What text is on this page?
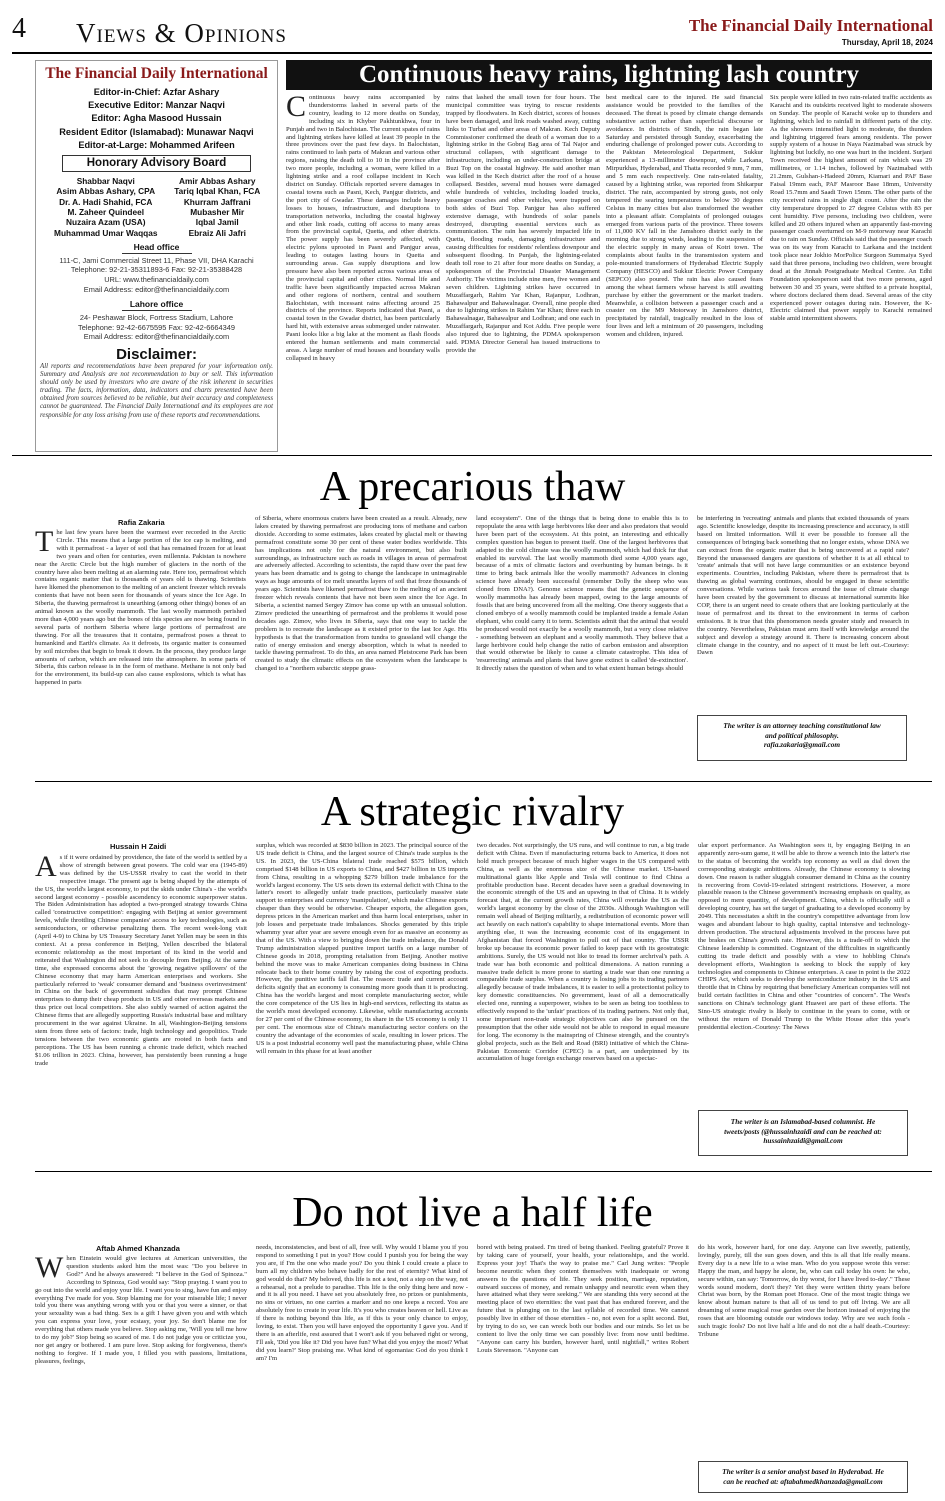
4 Views & Opinions	The Financial Daily International
Thursday, April 18, 2024
The Financial Daily International
Editor-in-Chief: Azfar Ashary
Executive Editor: Manzar Naqvi
Editor: Agha Masood Hussain
Resident Editor (Islamabad): Munawar Naqvi
Editor-at-Large: Mohammed Arifeen
Honorary Advisory Board
Shabbar Naqvi
Asim Abbas Ashary, CPA
Dr. A. Hadi Shahid, FCA
M. Zaheer Quindeel
Nuzaira Azam (USA)
Muhammad Umar Waqqas
Amir Abbas Ashary
Tariq Iqbal Khan, FCA
Khurram Jaffrani
Mubasher Mir
Iqbal Jamil
Ebraiz Ali Jafri
Head office
111-C, Jami Commercial Street 11, Phase VII, DHA Karachi
Telephone: 92-21-35311893-6 Fax: 92-21-35388428
URL: www.thefinancialdaily.com
Email Address: editor@thefinancialdaily.com
Lahore office
24- Peshawar Block, Fortress Stadium, Lahore
Telephone: 92-42-6675595 Fax: 92-42-6664349
Email Address: editor@thefinancialdaily.com
Disclaimer:
All reports and recommendations have been prepared for your information only. Summary and Analysis are not recommendation to buy or sell. This information should only be used by investors who are aware of the risk inherent in securities trading. The facts, information, data, indicators and charts presented have been obtained from sources believed to be reliable, but their accuracy and completeness cannot be guaranteed. The Financial Daily International and its employees are not responsible for any loss arising from use of these reports and recommendations.
Continuous heavy rains, lightning lash country
Continuous heavy rains accompanied by thunderstorms lashed in several parts of the country, leading to 12 more deaths on Sunday, including six in Khyber Pakhtunkhwa, four in Punjab and two in Balochistan. The current spates of rains and lightning strikes have killed at least 39 people in the three provinces over the past few days. In Balochistan, rains continued to lash parts of Makran and various other regions, raising the death toll to 10 in the province after two more people, including a woman, were killed in a lightning strike and a roof collapse incident in Kech district on Sunday. Officials reported severe damages in coastal towns such as Pasni, Kech, Panjgur districts, and the port city of Gwadar. These damages include heavy losses to houses, infrastructure, and disruptions to transportation networks, including the coastal highway and other link roads, cutting off access to many areas from the provincial capital, Quetta, and other districts. The power supply has been severely affected, with electric pylons uprooted in Pasni and Panjgur areas, leading to outages lasting hours in Quetta and surrounding areas. Gas supply disruptions and low pressure have also been reported across various areas of the provincial capital and other cities. Normal life and traffic have been significantly impacted across Makran and other regions of northern, central and southern Balochistan, with incessant rains affecting around 25 districts of the province. Reports indicated that Pasni, a coastal town in the Gwadar district, has been particularly hard hit, with extensive areas submerged under rainwater. Pasni looks like a big lake at the moment as flash floods entered the human settlements and main commercial areas. A large number of mud houses and boundary walls collapsed in heavy
rains that lashed the small town for four hours. The municipal committee was trying to rescue residents trapped by floodwaters. In Kech district, scores of houses have been damaged, and link roads washed away, cutting links to Turbat and other areas of Makran. Kech Deputy Commissioner confirmed the death of a woman due to a lightning strike in the Gobraj Bag area of Tal Najor and structural collapses, with significant damage to infrastructure, including an under-construction bridge at Buzi Top on the coastal highway. He said another man was killed in the Kech district after the roof of a house collapsed. Besides, several mud houses were damaged while hundreds of vehicles, including loaded trucks, passenger coaches and other vehicles, were trapped on both sides of Buzi Top. Panjgur has also suffered extensive damage, with hundreds of solar panels destroyed, disrupting essential services such as communication. The rain has severely impacted life in Quetta, flooding roads, damaging infrastructure and causing difficulties for residents' relentless downpour and subsequent flooding. In Punjab, the lightning-related death toll rose to 21 after four more deaths on Sunday, a spokesperson of the Provincial Disaster Management Authority. The victims include nine men, five women and seven children. Lightning strikes have occurred in Muzaffargarh, Rahim Yar Khan, Rajanpur, Lodhran, Bahawalpur and Bahawalnagar. Overall, nine people died due to lightning strikes in Rahim Yar Khan; three each in Bahawalnagar, Bahawalpur and Lodhran; and one each in Muzaffargarh, Rajanpur and Kot Addu. Five people were also injured due to lightning, the PDMA spokesperson said. PDMA Director General has issued instructions to provide the
best medical care to the injured. He said financial assistance would be provided to the families of the deceased. The threat is posed by climate change demands substantive action rather than superficial discourse or avoidance. In districts of Sindh, the rain began late Saturday and persisted through Sunday, exacerbating the enduring challenge of prolonged power cuts. According to the Pakistan Meteorological Department, Sukkur experienced a 13-millimeter downpour, while Larkana, Mirpurkhas, Hyderabad, and Thatta recorded 9 mm, 7 mm, and 5 mm each respectively. One rain-related fatality, caused by a lightning strike, was reported from Shikarpur district. The rain, accompanied by strong gusts, not only tempered the searing temperatures to below 30 degrees Celsius in many cities but also transformed the weather into a pleasant affair. Complaints of prolonged outages emerged from various parts of the province. Three towers of 11,000 KV fall in the Jamshoro district early in the morning due to strong winds, leading to the suspension of the electric supply in many areas of Kotri town. The complaints about faults in the transmission system and pole-mounted transformers of Hyderabad Electric Supply Company (HESCO) and Sukkur Electric Power Company (SEPCO) also poured. The rain has also caused fears among the wheat farmers whose harvest is still awaiting purchase by either the government or the market traders. Meanwhile, a collision between a passenger coach and a coaster on the M9 Motorway in Jamshoro district, precipitated by rainfall, tragically resulted in the loss of four lives and left a minimum of 20 passengers, including women and children, injured.
Six people were killed in two rain-related traffic accidents as Karachi and its outskirts received light to moderate showers on Sunday. The people of Karachi woke up to thunders and lightning, which led to rainfall in different parts of the city. As the showers intensified light to moderate, the thunders and lightning triggered fears among residents. The power supply system of a house in Naya Nazimabad was struck by lightning but luckily, no one was hurt in the incident. Surjani Town received the highest amount of rain which was 29 millimetres, or 1.14 inches, followed by Nazimabad with 21.2mm, Gulshan-i-Hadeed 20mm, Kiamari and PAF Base Faisal 19mm each, PAF Masroor Base 18mm, University Road 15.7mm and Saadi Town 15mm. The other parts of the city received rains in single digit count. After the rain the city temperature dropped to 27 degree Celsius with 83 per cent humidity. Five persons, including two children, were killed and 20 others injured when an apparently fast-moving passenger coach overturned on M-9 motorway near Karachi due to rain on Sunday. Officials said that the passenger coach was on its way from Karachi to Larkana and the incident took place near Jokhio MorPolice Surgeon Summaiya Syed said that three persons, including two children, were brought dead at the Jinnah Postgraduate Medical Centre. An Edhi Foundation spokesperson said that two more persons, aged between 30 and 35 years, were shifted to a private hospital, where doctors declared them dead. Several areas of the city experienced power outages during rain. However, the K-Electric claimed that power supply to Karachi remained stable amid intermittent showers.
A precarious thaw
Rafia Zakaria
The last few years have been the warmest ever recorded in the Arctic Circle. This means that a large portion of the ice cap is melting, and with it permafrost - a layer of soil that has remained frozen for at least two years and often for centuries, even millennia. Pakistan is nowhere near the Arctic Circle but the high number of glaciers in the north of the country have also been melting at an alarming rate. Here too, permafrost which contains organic matter that is thousands of years old is thawing. Scientists have likened the phenomenon to the melting of an ancient freezer which reveals contents that have not been seen for thousands of years since the Ice Age. In Siberia, the thawing permafrost is unearthing (among other things) bones of an animal known as the woolly mammoth. The last woolly mammoth perished more than 4,000 years ago but the bones of this species are now being found in several parts of northern Siberia where large portions of permafrost are thawing. For all the treasures that it contains, permafrost poses a threat to humankind and Earth's climate. As it defrosts, its organic matter is consumed by soil microbes that begin to break it down. In the process, they produce large amounts of carbon, which are released into the atmosphere. In some parts of Siberia, this carbon release is in the form of methane. Methane is not only bad for the environment, its build-up can also cause explosions, which is what has happened in parts
of Siberia, where enormous craters have been created as a result. Already, new lakes created by thawing permafrost are producing tons of methane and carbon dioxide. According to some estimates, lakes created by glacial melt or thawing permafrost constitute some 30 per cent of these water bodies worldwide. This has implications not only for the natural environment, but also built surroundings, as infrastructure such as roads in villages in areas of permafrost are adversely affected. According to scientists, the rapid thaw over the past few years has been dramatic and is going to change the landscape in unimaginable ways as huge amounts of ice melt unearths layers of soil that froze thousands of years ago. Scientists have likened permafrost thaw to the melting of an ancient freezer which reveals contents that have not been seen since the Ice Age. In Siberia, a scientist named Sergey Zimov has come up with an unusual solution. Zimov predicted the unearthing of permafrost and the problems it would pose decades ago. Zimov, who lives in Siberia, says that one way to tackle the problem is to recreate the landscape as it existed prior to the last Ice Age. His hypothesis is that the transformation from tundra to grassland will change the ratio of energy emission and energy absorption, which is what is needed to tackle thawing permafrost. To do this, an area named Pleistocene Park has been created to study the climatic effects on the ecosystem when the landscape is changed to a "northern subarctic steppe grass-
land ecosystem". One of the things that is being done to enable this is to repopulate the area with large herbivores like deer and also predators that would have been part of the ecosystem. At this point, an interesting and ethically complex question has begun to present itself. One of the largest herbivores that adapted to the cold climate was the woolly mammoth, which had thick fur that enabled its survival. The last woolly mammoth died some 4,000 years ago, because of a mix of climatic factors and overhunting by human beings. Is it time to bring back animals like the woolly mammoth? Advances in cloning science have already been successful (remember Dolly the sheep who was cloned from DNA?). Genome science means that the genetic sequence of woolly mammoths has already been mapped, owing to the large amounts of fossils that are being uncovered from all the melting. One theory suggests that a cloned embryo of a woolly mammoth could be implanted inside a female Asian elephant, who could carry it to term. Scientists admit that the animal that would be produced would not exactly be a woolly mammoth, but a very close relative - something between an elephant and a woolly mammoth. They believe that a large herbivore could help change the ratio of carbon emission and absorption that would otherwise be likely to cause a climate catastrophe. This idea of 'resurrecting' animals and plants that have gone extinct is called 'de-extinction'. It directly raises the question of when and to what extent human beings should
be interfering in 'recreating' animals and plants that existed thousands of years ago. Scientific knowledge, despite its increasing prescience and accuracy, is still based on limited information. Will it ever be possible to foresee all the consequences of bringing back something that no longer exists, whose DNA we can extract from the organic matter that is being uncovered at a rapid rate? Beyond the unassessed dangers are questions of whether it is at all ethical to 'create' animals that will not have large communities or an existence beyond experiments. Countries, including Pakistan, where there is permafrost that is thawing as global warming continues, should be engaged in these scientific conversations. While various task forces around the issue of climate change have been created by the government to discuss at international summits like COP, there is an urgent need to create others that are looking particularly at the issue of permafrost and its threat to the environment in terms of carbon emissions. It is true that this phenomenon needs greater study and research in the country. Nevertheless, Pakistan must arm itself with knowledge around the subject and develop a strategy around it. There is increasing concern about climate change in the country, and no aspect of it must be left out.-Courtesy: Dawn
The writer is an attorney teaching constitutional law
and political philosophy.
rafia.zakaria@gmail.com
A strategic rivalry
Hussain H Zaidi
As if it were ordained by providence, the fate of the world is settled by a show of strength between great powers. The cold war era (1945-89) was defined by the US-USSR rivalry to cast the world in their respective image. The present age is being shaped by the attempts of the US, the world's largest economy, to put the skids under China's - the world's second largest economy - possible ascendency to economic superpower status. The Biden Administration has adopted a two-pronged strategy towards China called 'constructive competition': engaging with Beijing at senior government levels, while throttling Chinese companies' access to key technologies, such as semiconductors, or otherwise penalizing them. The recent week-long visit (April 4-9) to China by US Treasury Secretary Janet Yellen may be seen in this context. At a press conference in Beijing, Yellen described the bilateral economic relationship as the most important of its kind in the world and reiterated that Washington did not seek to decouple from Beijing. At the same time, she expressed concerns about the 'growing negative spillovers' of the Chinese economy that may harm American enterprises and workers. She particularly referred to 'weak' consumer demand and 'business overinvestment' in China on the back of government subsidies that may prompt Chinese enterprises to dump their cheap products in US and other overseas markets and thus price out local competitors. She also subtly warned of action against the Chinese firms that are allegedly supporting Russia's industrial base and military procurement in the war against Ukraine. In all, Washington-Beijing tensions stem from three sets of factors: trade, high technology and geopolitics. Trade tensions between the two economic giants are rooted in both facts and perceptions. The US has been running a chronic trade deficit, which reached $1.06 trillion in 2023. China, however, has persistently been running a huge trade
surplus, which was recorded at $830 billion in 2023. The principal source of the US trade deficit is China, and the largest source of China's trade surplus is the US. In 2023, the US-China bilateral trade reached $575 billion, which comprised $148 billion in US exports to China, and $427 billion in US imports from China, resulting in a whopping $279 billion trade imbalance for the world's largest economy. The US sets down its external deficit with China to the latter's resort to allegedly unfair trade practices, particularly massive state support to enterprises and currency 'manipulation', which make Chinese exports cheaper than they would be otherwise. Cheaper exports, the allegation goes, depress prices in the American market and thus harm local enterprises, usher in job losses and perpetuate trade imbalances. Shocks generated by this triple whammy year after year are severe enough even for as massive an economy as that of the US. With a view to bringing down the trade imbalance, the Donald Trump administration slapped punitive import tariffs on a large number of Chinese goods in 2018, prompting retaliation from Beijing. Another motive behind the move was to make American companies doing business in China relocate back to their home country by raising the cost of exporting products. However, the punitive tariffs fall flat. The reason: trade and current account deficits signify that an economy is consuming more goods than it is producing. China has the world's largest and most complete manufacturing sector, while the core competence of the US lies in high-end services, reflecting its status as the world's most developed economy. Likewise, while manufacturing accounts for 27 per cent of the Chinese economy, its share in the US economy is only 11 per cent. The enormous size of China's manufacturing sector confers on the country the advantage of the economies of scale, resulting in lower prices. The US is a post industrial economy well past the manufacturing phase, while China will remain in this phase for at least another
two decades. Not surprisingly, the US runs, and will continue to run, a big trade deficit with China. Even if manufacturing returns back to America, it does not hold much prospect because of much higher wages in the US compared with China, as well as the enormous size of the Chinese market. US-based multinational giants like Apple and Tesla will continue to find China a profitable production base. Recent decades have seen a gradual downswing in the economic strength of the US and an upswing in that of China. It is widely forecast that, at the current growth rates, China will overtake the US as the world's largest economy by the close of the 2030s. Although Washington will remain well ahead of Beijing militarily, a redistribution of economic power will act heavily on each nation's capability to shape international events. More than anything else, it was the increasing economic cost of its engagement in Afghanistan that forced Washington to pull out of that country. The USSR broke up because its economic power failed to keep pace with its geostrategic ambitions. Surely, the US would not like to tread its former archrival's path. A trade war has both economic and political dimensions. A nation running a massive trade deficit is more prone to starting a trade war than one running a comparable trade surplus. When a country is losing jobs to its trading partners allegedly because of trade imbalances, it is easier to sell a protectionist policy to key domestic constituencies. No government, least of all a democratically elected one, running a superpower, wishes to be seen as being too toothless to effectively respond to the 'unfair' practices of its trading partners. Not only that, some important non-trade strategic objectives can also be pursued on the presumption that the other side would not be able to respond in equal measure for long. The economy is the mainspring of Chinese strength, and the country's global projects, such as the Belt and Road (BRI) initiative of which the China-Pakistan Economic Corridor (CPEC) is a part, are underpinned by its accumulation of huge foreign exchange reserves based on a spectac-
ular export performance. As Washington sees it, by engaging Beijing in an apparently zero-sum game, it will be able to throw a wrench into the latter's rise to the status of becoming the world's top economy as well as dial down the corresponding strategic ambitions. Already, the Chinese economy is slowing down. One reason is rather sluggish consumer demand in China as the country is recovering from Covid-19-related stringent restrictions. However, a more plausible reason is the Chinese government's increasing emphasis on quality, as opposed to mere quantity, of development. China, which is officially still a developing country, has set the target of graduating to a developed economy by 2049. This necessitates a shift in the country's competitive advantage from low wages and abundant labour to high quality, capital intensive and technology-driven production. The structural adjustments involved in the process have put the brakes on China's growth rate. However, this is a trade-off to which the Chinese leadership is committed. Cognizant of the difficulties in significantly cutting its trade deficit and possibly with a view to hobbling China's development efforts, Washington is seeking to block the supply of key technologies and components to Chinese enterprises. A case in point is the 2022 CHIPS Act, which seeks to develop the semiconductor industry in the US and throttle that in China by requiring that beneficiary American companies will not build certain facilities in China and other "countries of concern". The West's sanctions on China's technology giant Huawei are part of these efforts. The Sino-US strategic rivalry is likely to continue in the years to come, with or without the return of Donald Trump to the White House after this year's presidential election.-Courtesy: The News
The writer is an Islamabad-based columnist. He
tweets/posts (@hussainhzaidi and can be reached at:
hussainhzaidi@gmail.com
Do not live a half life
Aftab Ahmed Khanzada
When Einstein would give lectures at American universities, the question students asked him the most was: "Do you believe in God?" And he always answered: "I believe in the God of Spinoza." According to Spinoza, God would say: "Stop praying. I want you to go out into the world and enjoy your life. I want you to sing, have fun and enjoy everything I've made for you. Stop blaming me for your miserable life; I never told you there was anything wrong with you or that you were a sinner, or that your sexuality was a bad thing. Sex is a gift I have given you and with which you can express your love, your ecstasy, your joy. So don't blame me for everything that others made you believe. Stop asking me, 'Will you tell me how to do my job?' Stop being so scared of me. I do not judge you or criticize you, nor get angry or bothered. I am pure love. Stop asking for forgiveness, there's nothing to forgive. If I made you, I filled you with passions, limitations, pleasures, feelings,
needs, inconsistencies, and best of all, free will. Why would I blame you if you respond to something I put in you? How could I punish you for being the way you are, if I'm the one who made you? Do you think I could create a place to burn all my children who behave badly for the rest of eternity? What kind of god would do that? My beloved, this life is not a test, not a step on the way, not a rehearsal, not a prelude to paradise. This life is the only thing here and now - and it is all you need. I have set you absolutely free, no prizes or punishments, no sins or virtues, no one carries a marker and no one keeps a record. You are absolutely free to create in your life. It's you who creates heaven or hell. Live as if there is nothing beyond this life, as if this is your only chance to enjoy, loving, to exist. Then you will have enjoyed the opportunity I gave you. And if there is an afterlife, rest assured that I won't ask if you behaved right or wrong, I'll ask, 'Did you like it? Did you have fun? What did you enjoy the most? What did you learn?' Stop praising me. What kind of egomaniac God do you think I am? I'm
bored with being praised. I'm tired of being thanked. Feeling grateful? Prove it by taking care of yourself, your health, your relationships, and the world. Express your joy! That's the way to praise me." Carl Jung writes: "People become neurotic when they content themselves with inadequate or wrong answers to the questions of life. They seek position, marriage, reputation, outward success of money, and remain unhappy and neurotic even when they have attained what they were seeking." We are standing this very second at the meeting place of two eternities: the vast past that has endured forever, and the future that is plunging on to the last syllable of recorded time. We cannot possibly live in either of those eternities - no, not even for a split second. But, by trying to do so, we can wreck both our bodies and our minds. So let us be content to live the only time we can possibly live: from now until bedtime. "Anyone can carry his burden, however hard, until nightfall," writes Robert Louis Stevenson. "Anyone can
do his work, however hard, for one day. Anyone can live sweetly, patiently, lovingly, purely, till the sun goes down, and this is all that life really means. Every day is a new life to a wise man. Who do you suppose wrote this verse: Happy the man, and happy he alone, he, who can call today his own: he who, secure within, can say: 'Tomorrow, do thy worst, for I have lived to-day'." These words sound modern, don't they? Yet they were written thirty years before Christ was born, by the Roman poet Horace. One of the most tragic things we know about human nature is that all of us tend to put off living. We are all dreaming of some magical rose garden over the horizon instead of enjoying the roses that are blooming outside our windows today. Why are we such fools - such tragic fools? Do not live half a life and do not die a half death.-Courtesy: Tribune
The writer is a senior analyst based in Hyderabad. He
can be reached at: aftabahmedkhanzada@gmail.com
